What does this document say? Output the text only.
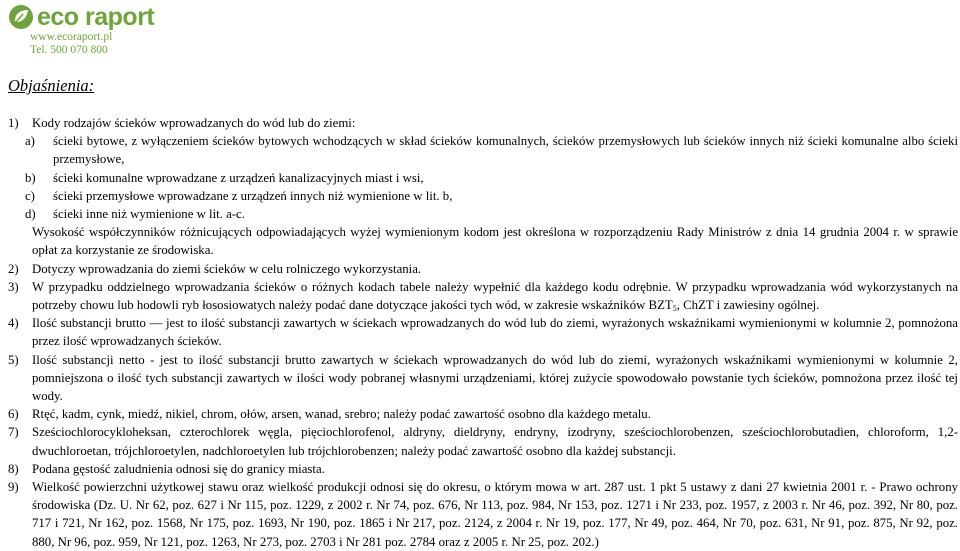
eco raport
www.ecoraport.pl
Tel. 500 070 800
Objaśnienia:
1) Kody rodzajów ścieków wprowadzanych do wód lub do ziemi:
a) ścieki bytowe, z wyłączeniem ścieków bytowych wchodzących w skład ścieków komunalnych, ścieków przemysłowych lub ścieków innych niż ścieki komunalne albo ścieki przemysłowe,
b) ścieki komunalne wprowadzane z urządzeń kanalizacyjnych miast i wsi,
c) ścieki przemysłowe wprowadzane z urządzeń innych niż wymienione w lit. b,
d) ścieki inne niż wymienione w lit. a-c.
Wysokość współczynników różnicujących odpowiadających wyżej wymienionym kodom jest określona w rozporządzeniu Rady Ministrów z dnia 14 grudnia 2004 r. w sprawie opłat za korzystanie ze środowiska.
2) Dotyczy wprowadzania do ziemi ścieków w celu rolniczego wykorzystania.
3) W przypadku oddzielnego wprowadzania ścieków o różnych kodach tabele należy wypełnić dla każdego kodu odrębnie. W przypadku wprowadzania wód wykorzystanych na potrzeby chowu lub hodowli ryb łososiowatych należy podać dane dotyczące jakości tych wód, w zakresie wskaźników $BZT_5$, ChZT i zawiesiny ogólnej.
4) Ilość substancji brutto — jest to ilość substancji zawartych w ściekach wprowadzanych do wód lub do ziemi, wyrażonych wskaźnikami wymienionymi w kolumnie 2, pomnożona przez ilość wprowadzanych ścieków.
5) Ilość substancji netto - jest to ilość substancji brutto zawartych w ściekach wprowadzanych do wód lub do ziemi, wyrażonych wskaźnikami wymienionymi w kolumnie 2, pomniejszona o ilość tych substancji zawartych w ilości wody pobranej własnymi urządzeniami, której zużycie spowodowało powstanie tych ścieków, pomnożona przez ilość tej wody.
6) Rtęć, kadm, cynk, miedź, nikiel, chrom, ołów, arsen, wanad, srebro; należy podać zawartość osobno dla każdego metalu.
7) Sześciochlorocykloheksan, czterochlorek węgla, pięciochlorofenol, aldryny, dieldryny, endryny, izodryny, sześciochlorobenzen, sześciochlorobutadien, chloroform, 1,2-dwuchloroetan, trójchloroetylen, nadchloroetylen lub trójchlorobenzen; należy podać zawartość osobno dla każdej substancji.
8) Podana gęstość zaludnienia odnosi się do granicy miasta.
9) Wielkość powierzchni użytkowej stawu oraz wielkość produkcji odnosi się do okresu, o którym mowa w art. 287 ust. 1 pkt 5 ustawy z dani 27 kwietnia 2001 r. - Prawo ochrony środowiska (Dz. U. Nr 62, poz. 627 i Nr 115, poz. 1229, z 2002 r. Nr 74, poz. 676, Nr 113, poz. 984, Nr 153, poz. 1271 i Nr 233, poz. 1957, z 2003 r. Nr 46, poz. 392, Nr 80, poz. 717 i 721, Nr 162, poz. 1568, Nr 175, poz. 1693, Nr 190, poz. 1865 i Nr 217, poz. 2124, z 2004 r. Nr 19, poz. 177, Nr 49, poz. 464, Nr 70, poz. 631, Nr 91, poz. 875, Nr 92, poz. 880, Nr 96, poz. 959, Nr 121, poz. 1263, Nr 273, poz. 2703 i Nr 281 poz. 2784 oraz z 2005 r. Nr 25, poz. 202.)
